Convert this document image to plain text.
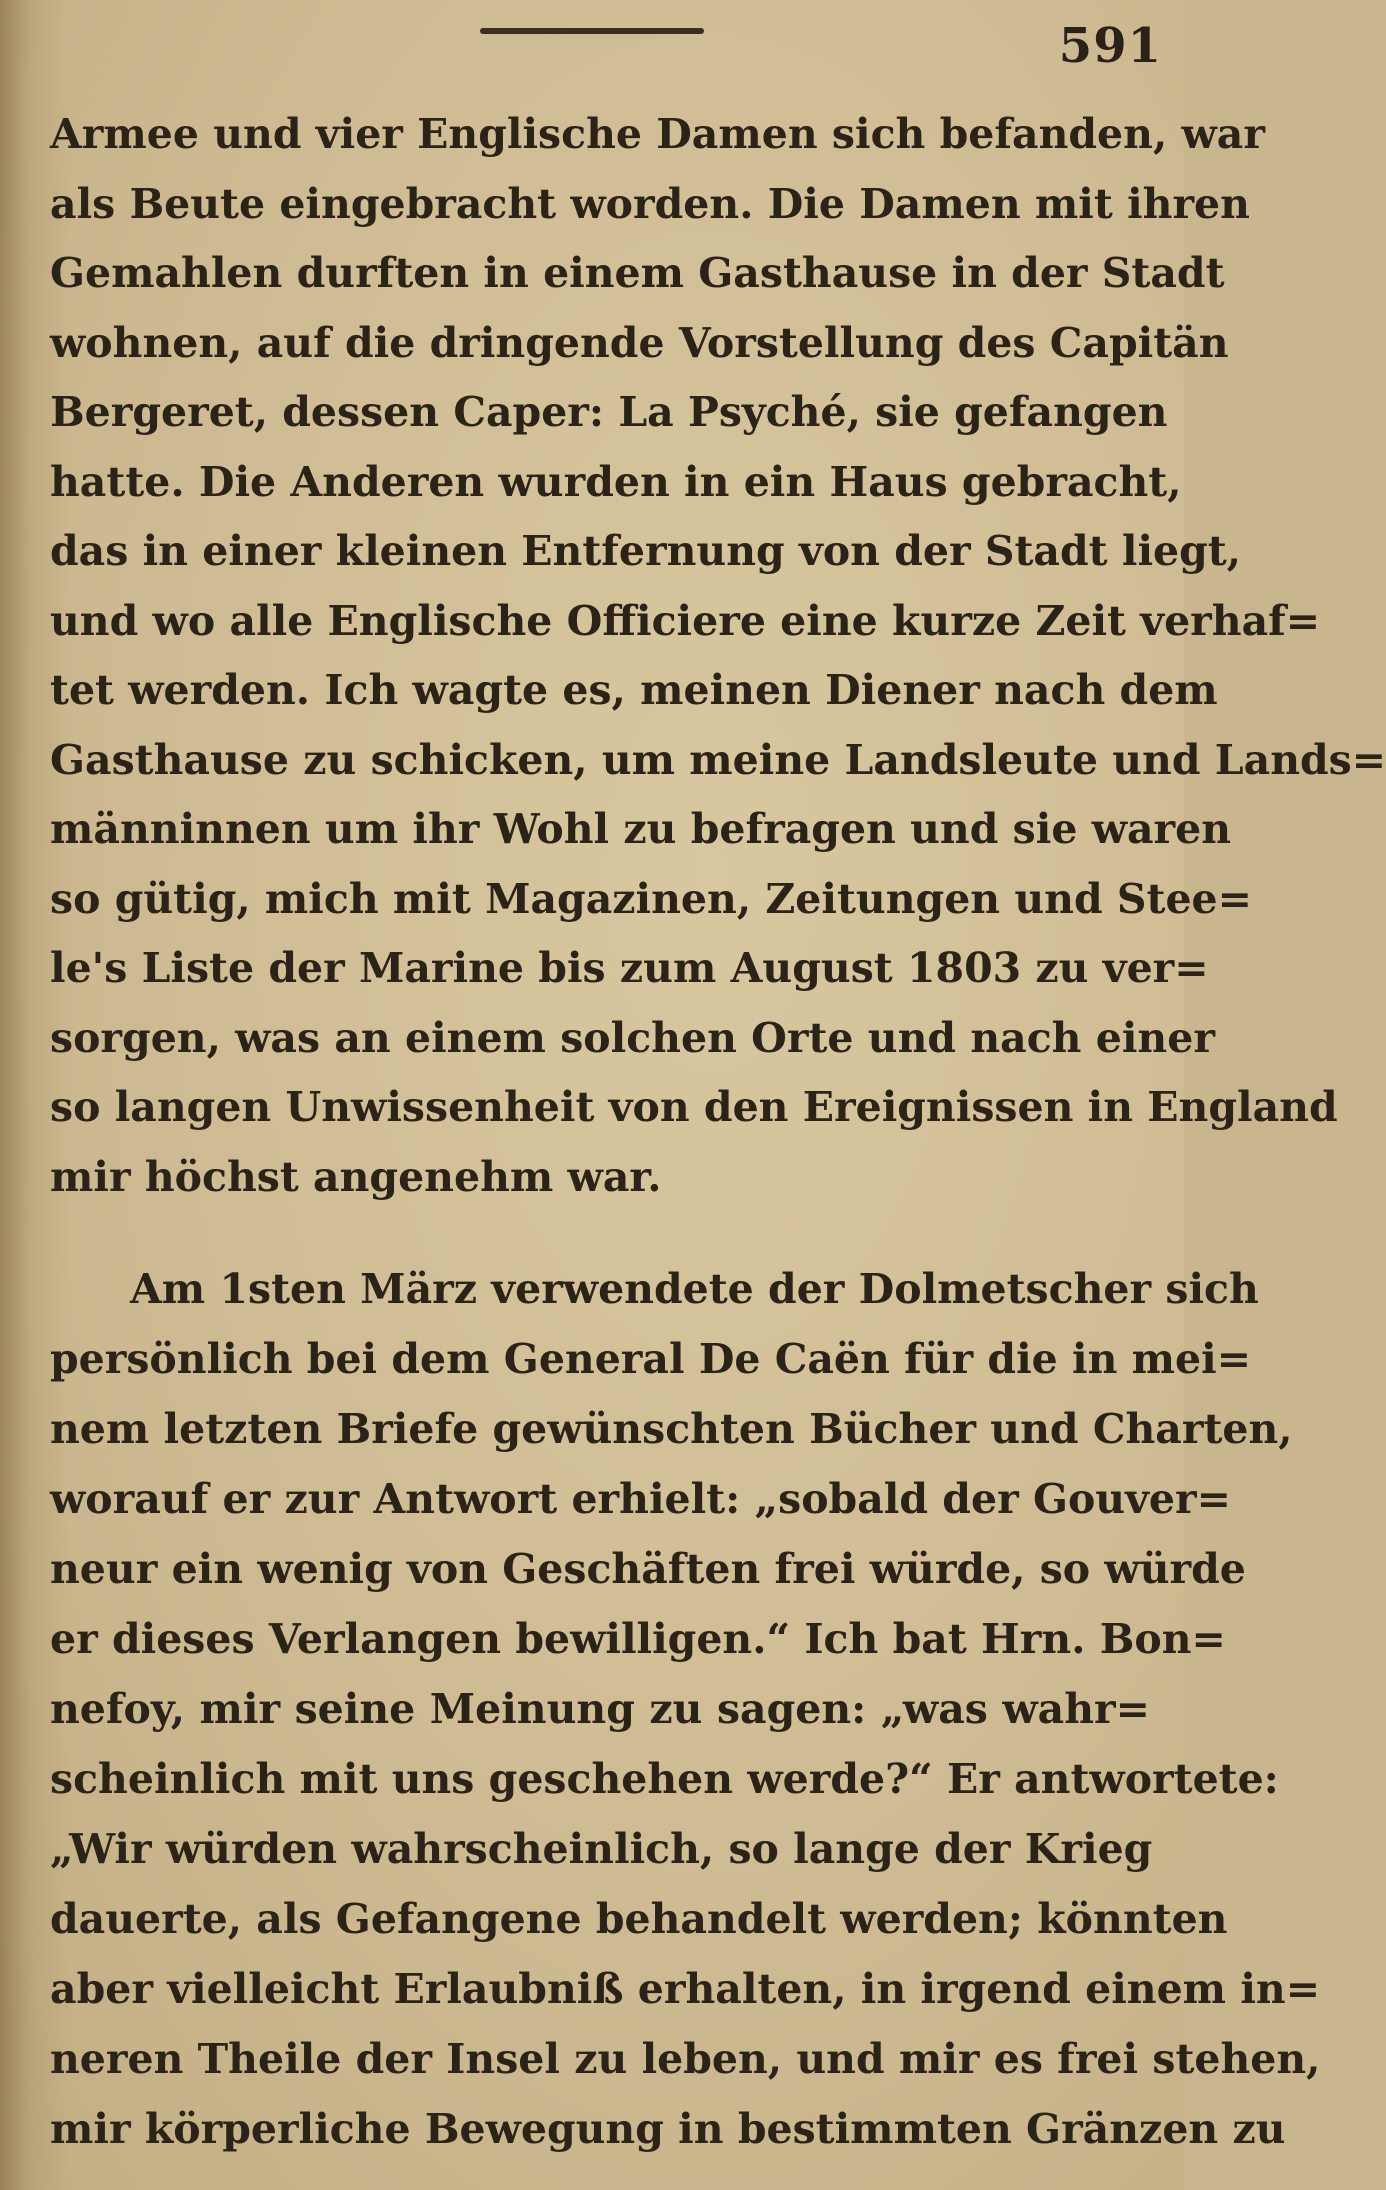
591
Armee und vier Englische Damen sich befanden, war
als Beute eingebracht worden. Die Damen mit ihren
Gemahlen durften in einem Gasthause in der Stadt
wohnen, auf die dringende Vorstellung des Capitän
Bergeret, dessen Caper: La Psyché, sie gefangen
hatte. Die Anderen wurden in ein Haus gebracht,
das in einer kleinen Entfernung von der Stadt liegt,
und wo alle Englische Officiere eine kurze Zeit verhaf=
tet werden. Ich wagte es, meinen Diener nach dem
Gasthause zu schicken, um meine Landsleute und Lands=
männinnen um ihr Wohl zu befragen und sie waren
so gütig, mich mit Magazinen, Zeitungen und Stee=
le's Liste der Marine bis zum August 1803 zu ver=
sorgen, was an einem solchen Orte und nach einer
so langen Unwissenheit von den Ereignissen in England
mir höchst angenehm war.
Am 1sten März verwendete der Dolmetscher sich
persönlich bei dem General De Caën für die in mei=
nem letzten Briefe gewünschten Bücher und Charten,
worauf er zur Antwort erhielt: „sobald der Gouver=
neur ein wenig von Geschäften frei würde, so würde
er dieses Verlangen bewilligen.“ Ich bat Hrn. Bon=
nefoy, mir seine Meinung zu sagen: „was wahr=
scheinlich mit uns geschehen werde?“ Er antwortete:
„Wir würden wahrscheinlich, so lange der Krieg
dauerte, als Gefangene behandelt werden; könnten
aber vielleicht Erlaubniß erhalten, in irgend einem in=
neren Theile der Insel zu leben, und mir es frei stehen,
mir körperliche Bewegung in bestimmten Gränzen zu
